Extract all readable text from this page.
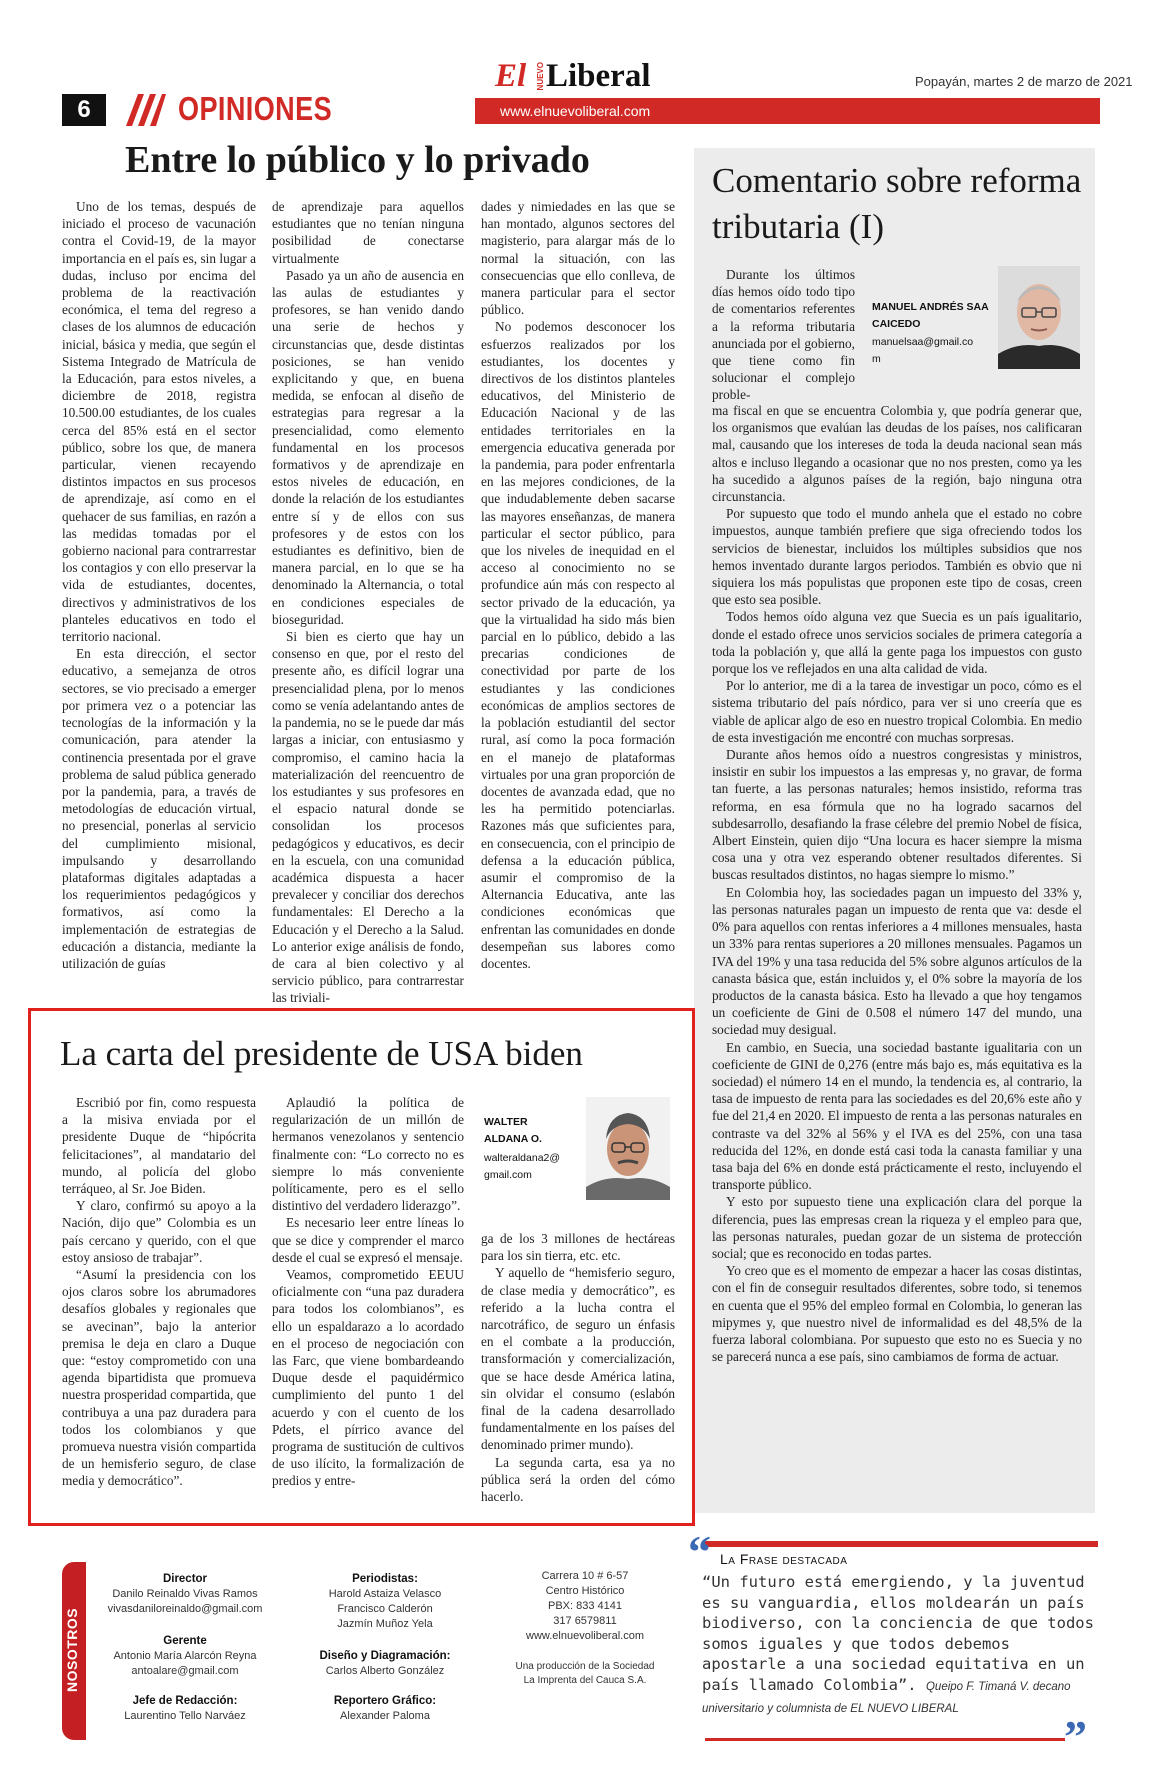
El NUEVO Liberal	Popayán, martes 2 de marzo de 2021
6	OPINIONES	www.elnuevoliberal.com
Entre lo público y lo privado

Uno de los temas, después de iniciado el proceso de vacunación contra el Covid-19, de la mayor importancia en el país es, sin lugar a dudas, incluso por encima del problema de la reactivación económica, el tema del regreso a clases de los alumnos de educación inicial, básica y media, que según el Sistema Integrado de Matrícula de la Educación, para estos niveles, a diciembre de 2018, registra 10.500.00 estudiantes, de los cuales cerca del 85% está en el sector público, sobre los que, de manera particular, vienen recayendo distintos impactos en sus procesos de aprendizaje, así como en el quehacer de sus familias, en razón a las medidas tomadas por el gobierno nacional para contrarrestar los contagios y con ello preservar la vida de estudiantes, docentes, directivos y administrativos de los planteles educativos en todo el territorio nacional.

En esta dirección, el sector educativo, a semejanza de otros sectores, se vio precisado a emerger por primera vez o a potenciar las tecnologías de la información y la comunicación, para atender la continencia presentada por el grave problema de salud pública generado por la pandemia, para, a través de metodologías de educación virtual, no presencial, ponerlas al servicio del cumplimiento misional, impulsando y desarrollando plataformas digitales adaptadas a los requerimientos pedagógicos y formativos, así como la implementación de estrategias de educación a distancia, mediante la utilización de guías

de aprendizaje para aquellos estudiantes que no tenían ninguna posibilidad de conectarse virtualmente

Pasado ya un año de ausencia en las aulas de estudiantes y profesores, se han venido dando una serie de hechos y circunstancias que, desde distintas posiciones, se han venido explicitando y que, en buena medida, se enfocan al diseño de estrategias para regresar a la presencialidad, como elemento fundamental en los procesos formativos y de aprendizaje en estos niveles de educación, en donde la relación de los estudiantes entre sí y de ellos con sus profesores y de estos con los estudiantes es definitivo, bien de manera parcial, en lo que se ha denominado la Alternancia, o total en condiciones especiales de bioseguridad.

Si bien es cierto que hay un consenso en que, por el resto del presente año, es difícil lograr una presencialidad plena, por lo menos como se venía adelantando antes de la pandemia, no se le puede dar más largas a iniciar, con entusiasmo y compromiso, el camino hacia la materialización del reencuentro de los estudiantes y sus profesores en el espacio natural donde se consolidan los procesos pedagógicos y educativos, es decir en la escuela, con una comunidad académica dispuesta a hacer prevalecer y conciliar dos derechos fundamentales: El Derecho a la Educación y el Derecho a la Salud. Lo anterior exige análisis de fondo, de cara al bien colectivo y al servicio público, para contrarrestar las triviali-

dades y nimiedades en las que se han montado, algunos sectores del magisterio, para alargar más de lo normal la situación, con las consecuencias que ello conlleva, de manera particular para el sector público.

No podemos desconocer los esfuerzos realizados por los estudiantes, los docentes y directivos de los distintos planteles educativos, del Ministerio de Educación Nacional y de las entidades territoriales en la emergencia educativa generada por la pandemia, para poder enfrentarla en las mejores condiciones, de la que indudablemente deben sacarse las mayores enseñanzas, de manera particular el sector público, para que los niveles de inequidad en el acceso al conocimiento no se profundice aún más con respecto al sector privado de la educación, ya que la virtualidad ha sido más bien parcial en lo público, debido a las precarias condiciones de conectividad por parte de los estudiantes y las condiciones económicas de amplios sectores de la población estudiantil del sector rural, así como la poca formación en el manejo de plataformas virtuales por una gran proporción de docentes de avanzada edad, que no les ha permitido potenciarlas. Razones más que suficientes para, en consecuencia, con el principio de defensa a la educación pública, asumir el compromiso de la Alternancia Educativa, ante las condiciones económicas que enfrentan las comunidades en donde desempeñan sus labores como docentes.

Comentario sobre reforma tributaria (I)

Durante los últimos días hemos oído todo tipo de comentarios referentes a la reforma tributaria anunciada por el gobierno, que tiene como fin solucionar el complejo proble-

MANUEL ANDRÉS SAA CAICEDO
manuelsaa@gmail.com

ma fiscal en que se encuentra Colombia y, que podría generar que, los organismos que evalúan las deudas de los países, nos calificaran mal, causando que los intereses de toda la deuda nacional sean más altos e incluso llegando a ocasionar que no nos presten, como ya les ha sucedido a algunos países de la región, bajo ninguna otra circunstancia.

Por supuesto que todo el mundo anhela que el estado no cobre impuestos, aunque también prefiere que siga ofreciendo todos los servicios de bienestar, incluidos los múltiples subsidios que nos hemos inventado durante largos periodos. También es obvio que ni siquiera los más populistas que proponen este tipo de cosas, creen que esto sea posible.

Todos hemos oído alguna vez que Suecia es un país igualitario, donde el estado ofrece unos servicios sociales de primera categoría a toda la población y, que allá la gente paga los impuestos con gusto porque los ve reflejados en una alta calidad de vida.

Por lo anterior, me di a la tarea de investigar un poco, cómo es el sistema tributario del país nórdico, para ver si uno creería que es viable de aplicar algo de eso en nuestro tropical Colombia. En medio de esta investigación me encontré con muchas sorpresas.

Durante años hemos oído a nuestros congresistas y ministros, insistir en subir los impuestos a las empresas y, no gravar, de forma tan fuerte, a las personas naturales; hemos insistido, reforma tras reforma, en esa fórmula que no ha logrado sacarnos del subdesarrollo, desafiando la frase célebre del premio Nobel de física, Albert Einstein, quien dijo “Una locura es hacer siempre la misma cosa una y otra vez esperando obtener resultados diferentes. Si buscas resultados distintos, no hagas siempre lo mismo.”

En Colombia hoy, las sociedades pagan un impuesto del 33% y, las personas naturales pagan un impuesto de renta que va: desde el 0% para aquellos con rentas inferiores a 4 millones mensuales, hasta un 33% para rentas superiores a 20 millones mensuales. Pagamos un IVA del 19% y una tasa reducida del 5% sobre algunos artículos de la canasta básica que, están incluidos y, el 0% sobre la mayoría de los productos de la canasta básica. Esto ha llevado a que hoy tengamos un coeficiente de Gini de 0.508 el número 147 del mundo, una sociedad muy desigual.

En cambio, en Suecia, una sociedad bastante igualitaria con un coeficiente de GINI de 0,276 (entre más bajo es, más equitativa es la sociedad) el número 14 en el mundo, la tendencia es, al contrario, la tasa de impuesto de renta para las sociedades es del 20,6% este año y fue del 21,4 en 2020. El impuesto de renta a las personas naturales en contraste va del 32% al 56% y el IVA es del 25%, con una tasa reducida del 12%, en donde está casi toda la canasta familiar y una tasa baja del 6% en donde está prácticamente el resto, incluyendo el transporte público.

Y esto por supuesto tiene una explicación clara del porque la diferencia, pues las empresas crean la riqueza y el empleo para que, las personas naturales, puedan gozar de un sistema de protección social; que es reconocido en todas partes.

Yo creo que es el momento de empezar a hacer las cosas distintas, con el fin de conseguir resultados diferentes, sobre todo, si tenemos en cuenta que el 95% del empleo formal en Colombia, lo generan las mipymes y, que nuestro nivel de informalidad es del 48,5% de la fuerza laboral colombiana. Por supuesto que esto no es Suecia y no se parecerá nunca a ese país, sino cambiamos de forma de actuar.

La carta del presidente de USA biden

Escribió por fin, como respuesta a la misiva enviada por el presidente Duque de “hipócrita felicitaciones”, al mandatario del mundo, al policía del globo terráqueo, al Sr. Joe Biden.

Y claro, confirmó su apoyo a la Nación, dijo que” Colombia es un país cercano y querido, con el que estoy ansioso de trabajar”.

“Asumí la presidencia con los ojos claros sobre los abrumadores desafíos globales y regionales que se avecinan”, bajo la anterior premisa le deja en claro a Duque que: “estoy comprometido con una agenda bipartidista que promueva nuestra prosperidad compartida, que contribuya a una paz duradera para todos los colombianos y que promueva nuestra visión compartida de un hemisferio seguro, de clase media y democrático”.

Aplaudió la política de regularización de un millón de hermanos venezolanos y sentencio finalmente con: “Lo correcto no es siempre lo más conveniente políticamente, pero es el sello distintivo del verdadero liderazgo”.

Es necesario leer entre líneas lo que se dice y comprender el marco desde el cual se expresó el mensaje.

Veamos, comprometido EEUU oficialmente con “una paz duradera para todos los colombianos”, es ello un espaldarazo a lo acordado en el proceso de negociación con las Farc, que viene bombardeando Duque desde el paquidérmico cumplimiento del punto 1 del acuerdo y con el cuento de los Pdets, el pírrico avance del programa de sustitución de cultivos de uso ilícito, la formalización de predios y entre-

WALTER ALDANA O.
walteraldana2@gmail.com

ga de los 3 millones de hectáreas para los sin tierra, etc. etc.

Y aquello de “hemisferio seguro, de clase media y democrático”, es referido a la lucha contra el narcotráfico, de seguro un énfasis en el combate a la producción, transformación y comercialización, que se hace desde América latina, sin olvidar el consumo (eslabón final de la cadena desarrollado fundamentalmente en los países del denominado primer mundo).

La segunda carta, esa ya no pública será la orden del cómo hacerlo.

NOSOTROS
Director
Danilo Reinaldo Vivas Ramos
vivasdanilo​reinaldo@gmail.com
Gerente
Antonio María Alarcón Reyna
antoalare@gmail.com
Jefe de Redacción:
Laurentino Tello Narváez
Periodistas:
Harold Astaiza Velasco
Francisco Calderón
Jazmín Muñoz Yela
Diseño y Diagramación:
Carlos Alberto González
Reportero Gráfico:
Alexander Paloma
Carrera 10 # 6-57
Centro Histórico
PBX: 833 4141
317 6579811
www.elnuevoliberal.com
Una producción de la Sociedad
La Imprenta del Cauca S.A.
“ La Frase destacada
“Un futuro está emergiendo, y la juventud es su vanguardia, ellos moldearán un país biodiverso, con la conciencia de que todos somos iguales y que todos debemos apostarle a una sociedad equitativa en un país llamado Colombia”. Queipo F. Timaná V. decano universitario y columnista de EL NUEVO LIBERAL
”
